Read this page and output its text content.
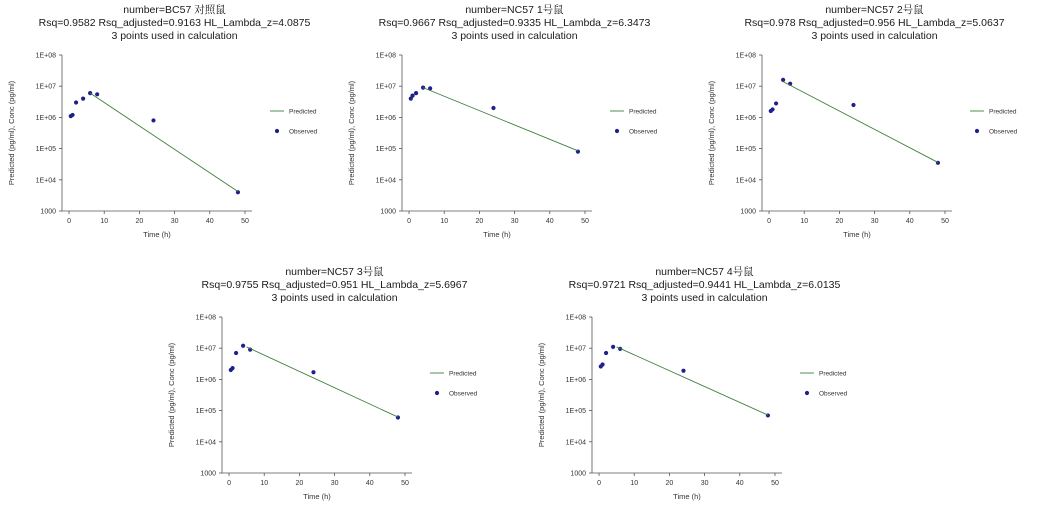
number=BC57 对照鼠
Rsq=0.9582 Rsq_adjusted=0.9163 HL_Lambda_z=4.0875
3 points used in calculation
0	10	20	30	40	50
1000
1E+04
1E+05
1E+06
1E+07
1E+08
Time (h)
Predicted (pg/ml), Conc (pg/ml)	Predicted
Observed
number=NC57 1号鼠
Rsq=0.9667 Rsq_adjusted=0.9335 HL_Lambda_z=6.3473
3 points used in calculation
0	10	20	30	40	50
1000
1E+04
1E+05
1E+06
1E+07
1E+08
Time (h)
Predicted (pg/ml), Conc (pg/ml)	Predicted
Observed
number=NC57 2号鼠
Rsq=0.978 Rsq_adjusted=0.956 HL_Lambda_z=5.0637
3 points used in calculation
0	10	20	30	40	50
1000
1E+04
1E+05
1E+06
1E+07
1E+08
Time (h)
Predicted (pg/ml), Conc (pg/ml)	Predicted
Observed
number=NC57 3号鼠
Rsq=0.9755 Rsq_adjusted=0.951 HL_Lambda_z=5.6967
3 points used in calculation
0	10	20	30	40	50
1000
1E+04
1E+05
1E+06
1E+07
1E+08
Time (h)
Predicted (pg/ml), Conc (pg/ml)	Predicted
Observed
number=NC57 4号鼠
Rsq=0.9721 Rsq_adjusted=0.9441 HL_Lambda_z=6.0135
3 points used in calculation
0	10	20	30	40	50
1000
1E+04
1E+05
1E+06
1E+07
1E+08
Time (h)
Predicted (pg/ml), Conc (pg/ml)	Predicted
Observed
